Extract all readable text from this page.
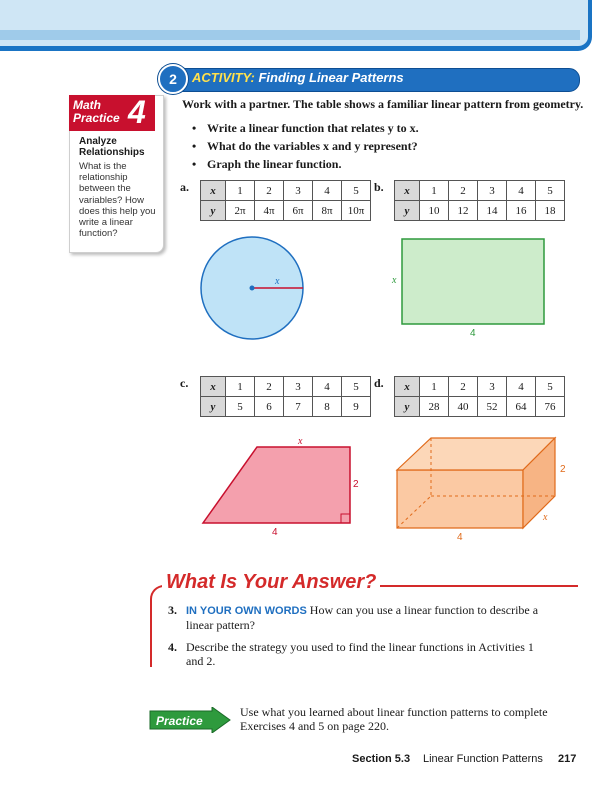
2	ACTIVITY: Finding Linear Patterns
Math
Practice 4
Analyze
Relationships
What is the relationship between the variables? How does this help you write a linear function?
Work with a partner. The table shows a familiar linear pattern from geometry.
• Write a linear function that relates y to x.
• What do the variables x and y represent?
• Graph the linear function.
a. x	1	2	3	4	5
y	2π	4π	6π	8π	10π
b. x	1	2	3	4	5
y	10	12	14	16	18
x	x
4
c. x	1	2	3	4	5
y	5	6	7	8	9
d. x	1	2	3	4	5
y	28	40	52	64	76
x
2
4
2
x
4
What Is Your Answer?
3. IN YOUR OWN WORDS How can you use a linear function to describe a linear pattern?
4. Describe the strategy you used to find the linear functions in Activities 1 and 2.
Practice
Use what you learned about linear function patterns to complete Exercises 4 and 5 on page 220.
Section 5.3 Linear Function Patterns 217
